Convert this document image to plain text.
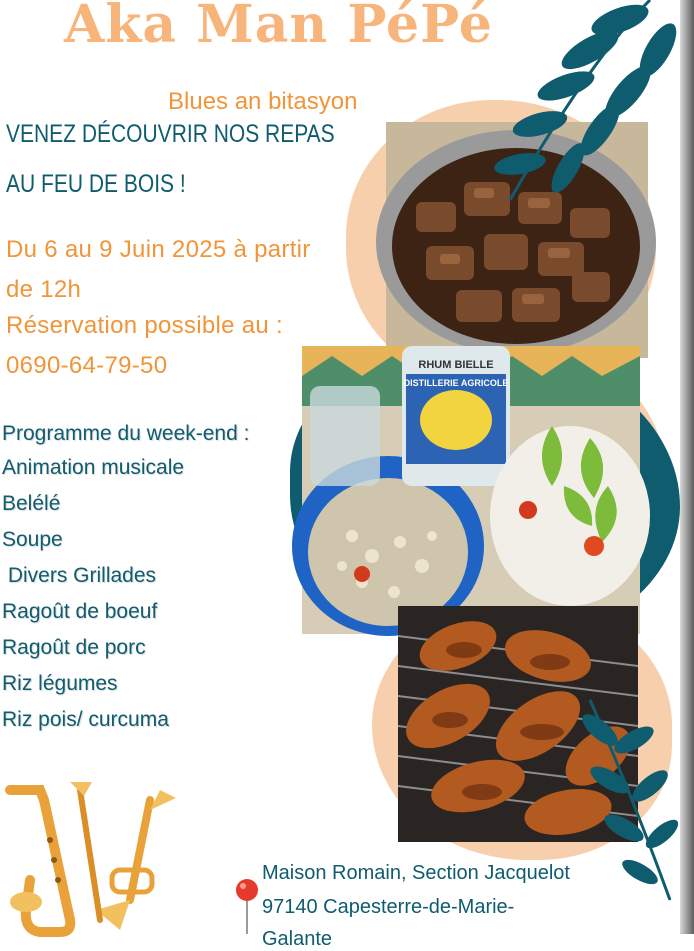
RHUM BIELLE
DISTILLERIE AGRICOLE
Aka Man PéPé
Blues an bitasyon
VENEZ DÉCOUVRIR NOS REPAS
AU FEU DE BOIS !
Du 6 au 9 Juin 2025 à partir
de 12h
Réservation possible au :
0690-64-79-50
Programme du week-end :
Animation musicale
Belélé
Soupe
Divers Grillades
Ragoût de boeuf
Ragoût de porc
Riz légumes
Riz pois/ curcuma
Maison Romain, Section Jacquelot
97140 Capesterre-de-Marie-
Galante
